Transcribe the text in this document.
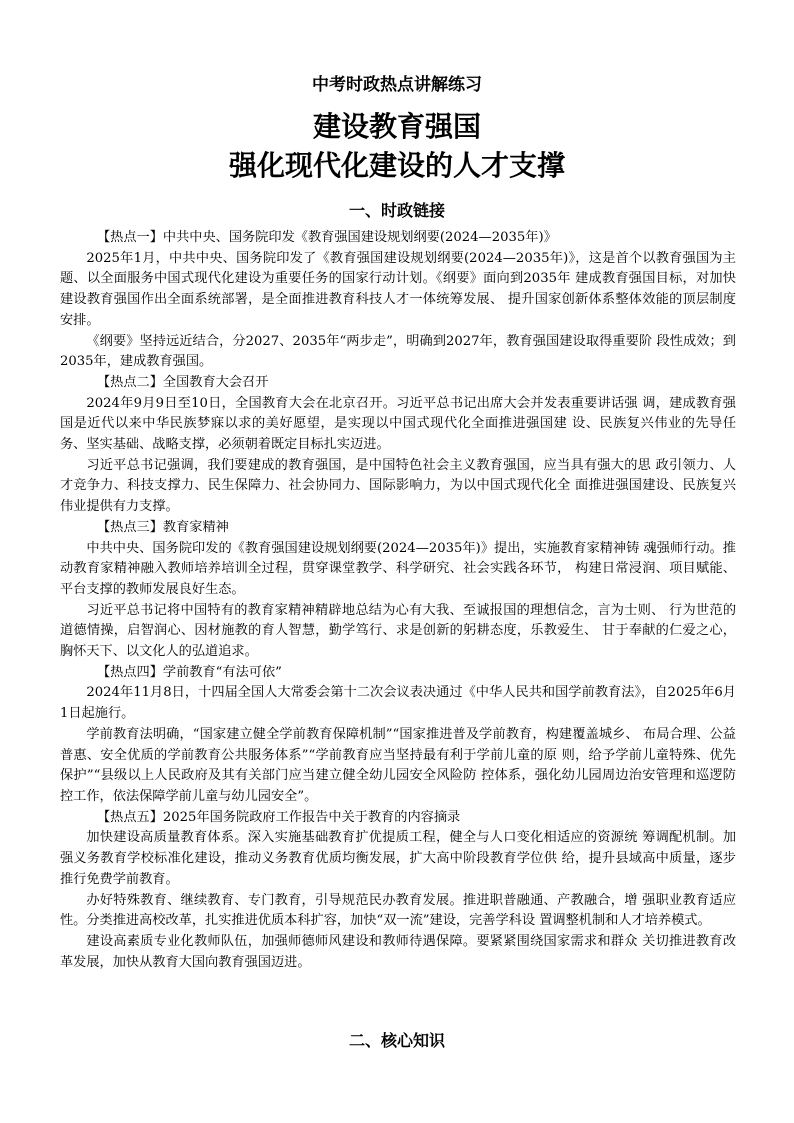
中考时政热点讲解练习
建设教育强国
强化现代化建设的人才支撑
一、时政链接

【热点一】中共中央、国务院印发《教育强国建设规划纲要(2024—2035年)》

2025年1月，中共中央、国务院印发了《教育强国建设规划纲要(2024—2035年)》，这是首个以教育强国为主题、以全面服务中国式现代化建设为重要任务的国家行动计划。《纲要》面向到2035年 建成教育强国目标，对加快建设教育强国作出全面系统部署，是全面推进教育科技人才一体统筹发展、 提升国家创新体系整体效能的顶层制度安排。

《纲要》坚持远近结合，分2027、2035年“两步走”，明确到2027年，教育强国建设取得重要阶 段性成效；到2035年，建成教育强国。

【热点二】全国教育大会召开

2024年9月9日至10日，全国教育大会在北京召开。习近平总书记出席大会并发表重要讲话强 调，建成教育强国是近代以来中华民族梦寐以求的美好愿望，是实现以中国式现代化全面推进强国建 设、民族复兴伟业的先导任务、坚实基础、战略支撑，必须朝着既定目标扎实迈进。

习近平总书记强调，我们要建成的教育强国，是中国特色社会主义教育强国，应当具有强大的思 政引领力、人才竞争力、科技支撑力、民生保障力、社会协同力、国际影响力，为以中国式现代化全 面推进强国建设、民族复兴伟业提供有力支撑。

【热点三】教育家精神

中共中央、国务院印发的《教育强国建设规划纲要(2024—2035年)》提出，实施教育家精神铸 魂强师行动。推动教育家精神融入教师培养培训全过程，贯穿课堂教学、科学研究、社会实践各环节， 构建日常浸润、项目赋能、平台支撑的教师发展良好生态。

习近平总书记将中国特有的教育家精神精辟地总结为心有大我、至诚报国的理想信念，言为士则、 行为世范的道德情操，启智润心、因材施教的育人智慧，勤学笃行、求是创新的躬耕态度，乐教爱生、 甘于奉献的仁爱之心，胸怀天下、以文化人的弘道追求。

【热点四】学前教育“有法可依”

2024年11月8日，十四届全国人大常委会第十二次会议表决通过《中华人民共和国学前教育法》，自2025年6月1日起施行。

学前教育法明确，“国家建立健全学前教育保障机制”“国家推进普及学前教育，构建覆盖城乡、 布局合理、公益普惠、安全优质的学前教育公共服务体系”“学前教育应当坚持最有利于学前儿童的原 则，给予学前儿童特殊、优先保护”“县级以上人民政府及其有关部门应当建立健全幼儿园安全风险防 控体系，强化幼儿园周边治安管理和巡逻防控工作，依法保障学前儿童与幼儿园安全”。

【热点五】2025年国务院政府工作报告中关于教育的内容摘录

加快建设高质量教育体系。深入实施基础教育扩优提质工程，健全与人口变化相适应的资源统 筹调配机制。加强义务教育学校标准化建设，推动义务教育优质均衡发展，扩大高中阶段教育学位供 给，提升县域高中质量，逐步推行免费学前教育。

办好特殊教育、继续教育、专门教育，引导规范民办教育发展。推进职普融通、产教融合，增 强职业教育适应性。分类推进高校改革，扎实推进优质本科扩容，加快“双一流”建设，完善学科设 置调整机制和人才培养模式。

建设高素质专业化教师队伍，加强师德师风建设和教师待遇保障。要紧紧围绕国家需求和群众 关切推进教育改革发展，加快从教育大国向教育强国迈进。

二、核心知识
